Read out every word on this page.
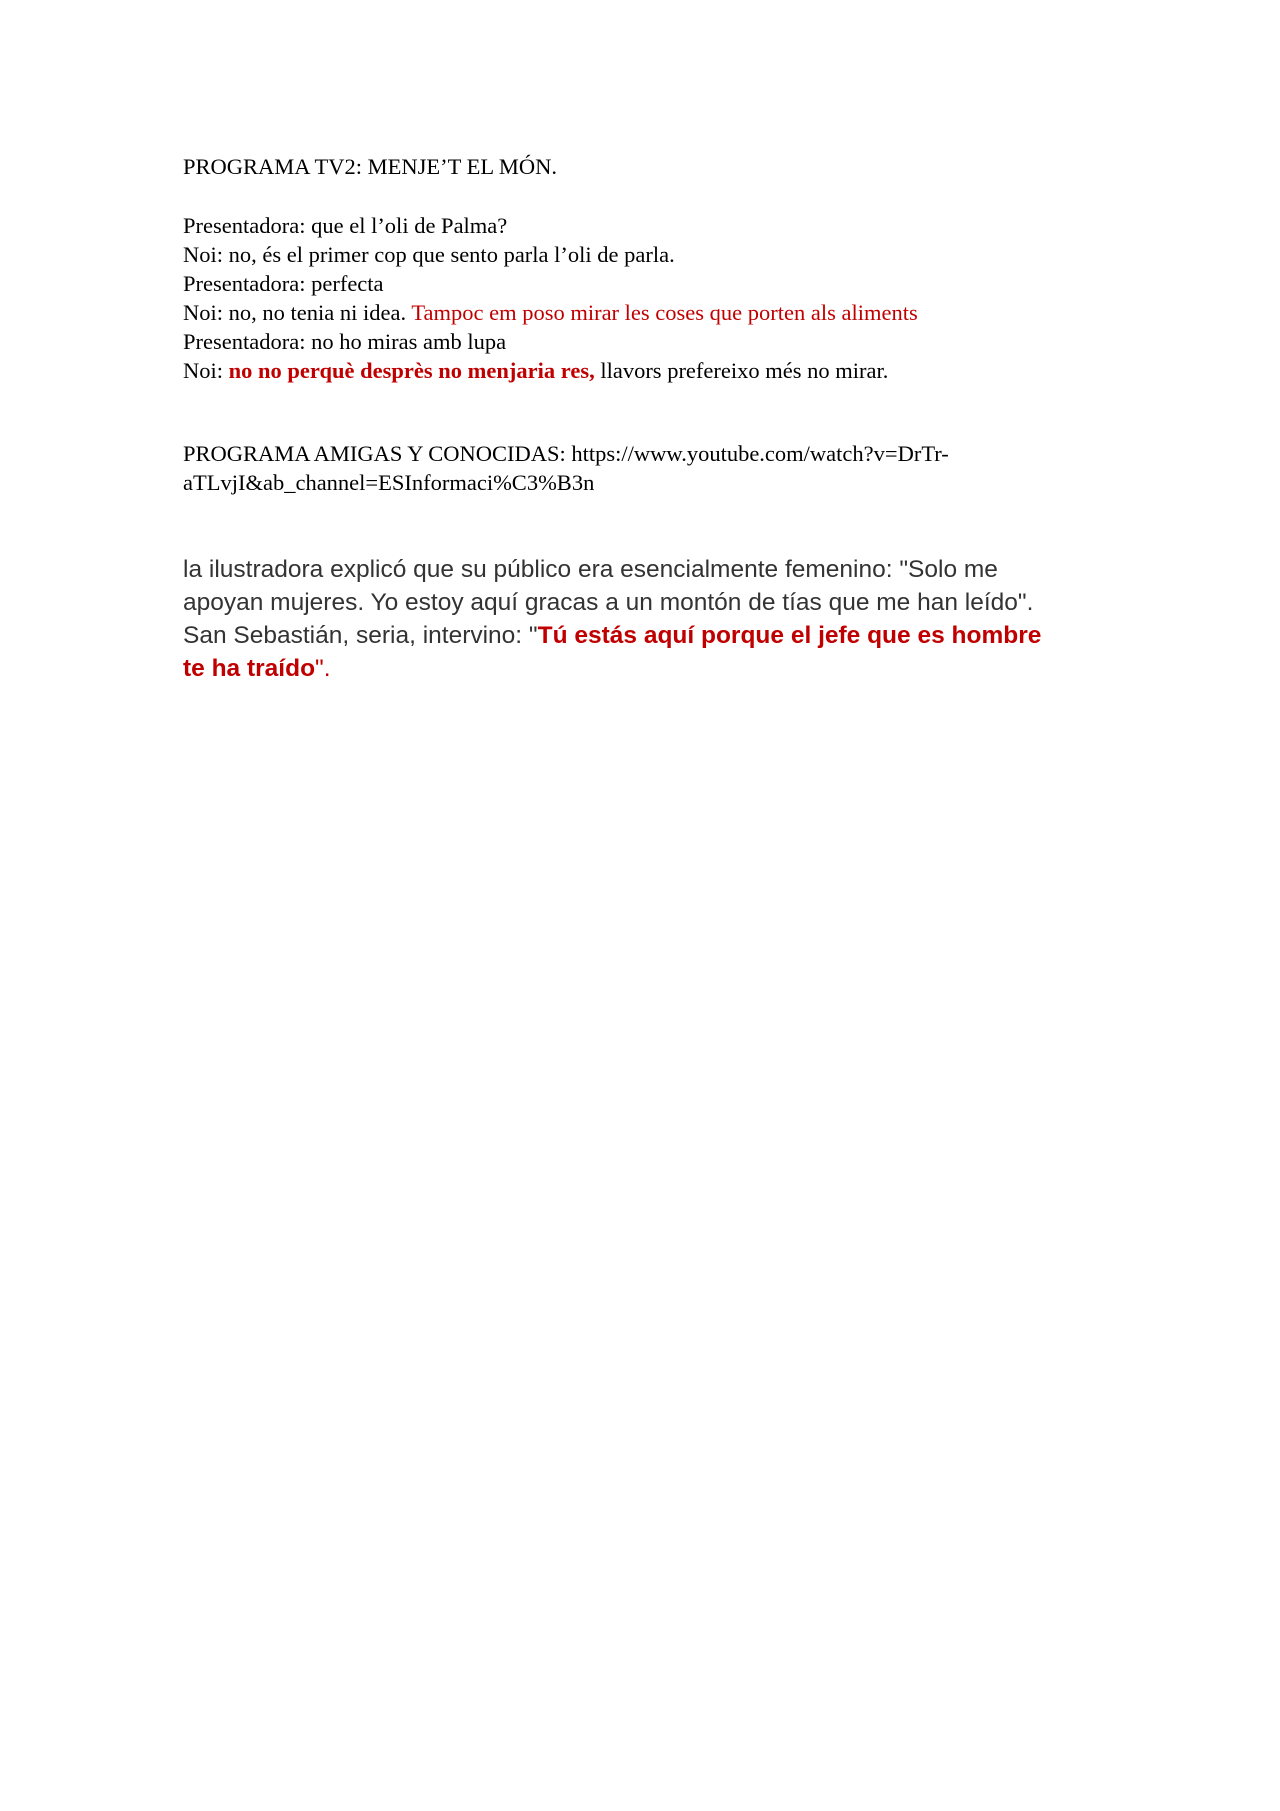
PROGRAMA TV2: MENJE’T EL MÓN.
Presentadora: que el l’oli de Palma?
Noi: no, és el primer cop que sento parla l’oli de parla.
Presentadora: perfecta
Noi: no, no tenia ni idea. Tampoc em poso mirar les coses que porten als aliments
Presentadora: no ho miras amb lupa
Noi: no no perquè desprès no menjaria res, llavors prefereixo més no mirar.
PROGRAMA AMIGAS Y CONOCIDAS: https://www.youtube.com/watch?v=DrTr-
aTLvjI&ab_channel=ESInformaci%C3%B3n
la ilustradora explicó que su público era esencialmente femenino: "Solo me
apoyan mujeres. Yo estoy aquí gracas a un montón de tías que me han leído".
San Sebastián, seria, intervino: "Tú estás aquí porque el jefe que es hombre
te ha traído".
